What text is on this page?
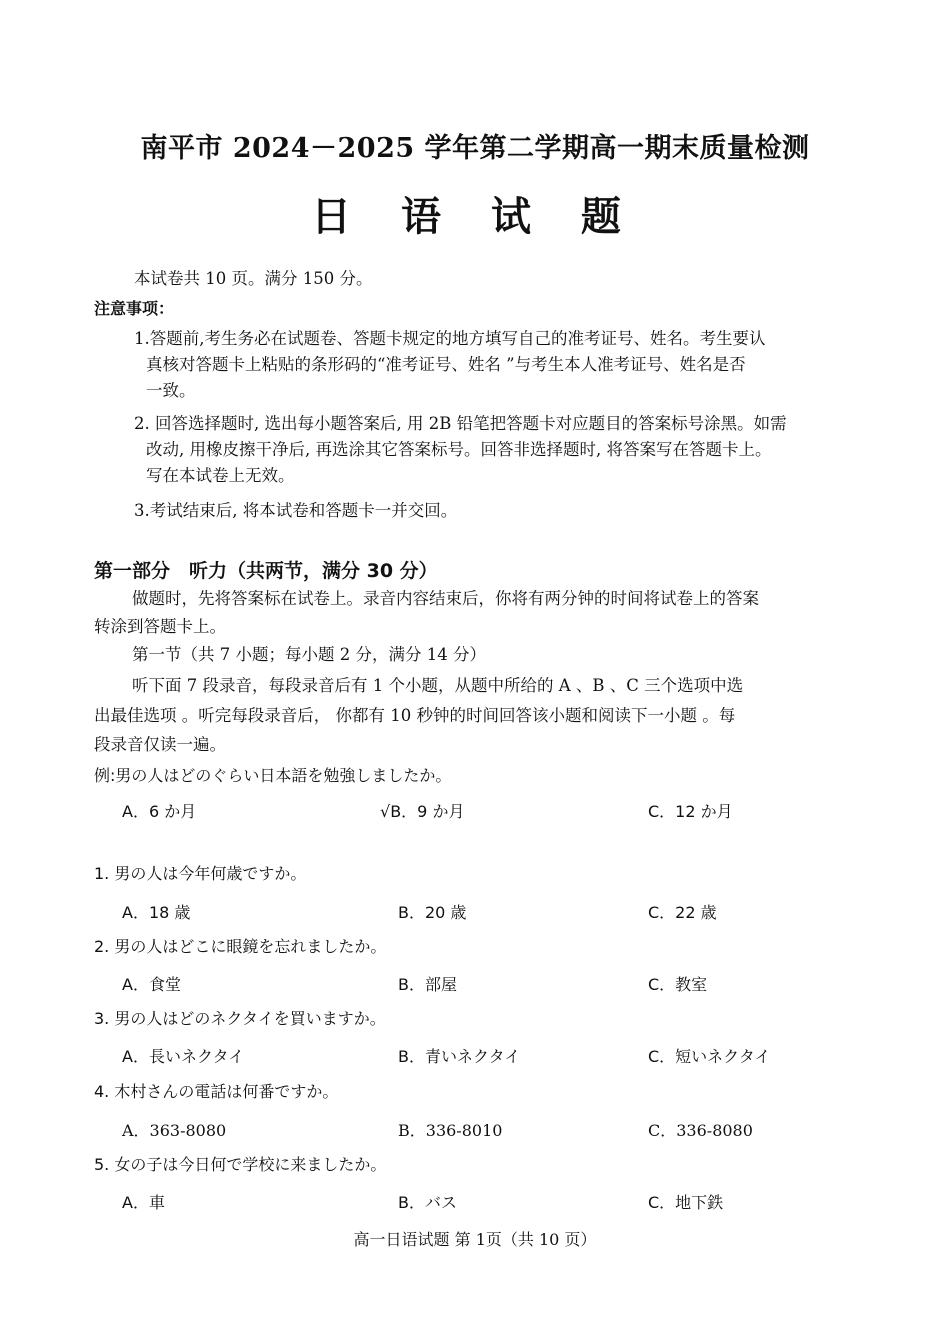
南平市 2024－2025 学年第二学期高一期末质量检测
日 语 试 题
本试卷共 10 页。满分 150 分。
注意事项：
1.答题前,考生务必在试题卷、答题卡规定的地方填写自己的准考证号、姓名。考生要认
真核对答题卡上粘贴的条形码的“准考证号、姓名 ”与考生本人准考证号、姓名是否
一致。
2. 回答选择题时, 选出每小题答案后, 用 2B 铅笔把答题卡对应题目的答案标号涂黑。如需
改动, 用橡皮擦干净后, 再选涂其它答案标号。回答非选择题时, 将答案写在答题卡上。
写在本试卷上无效。
3.考试结束后, 将本试卷和答题卡一并交回。
第一部分　听力（共两节，满分 30 分）
做题时，先将答案标在试卷上。录音内容结束后，你将有两分钟的时间将试卷上的答案
转涂到答题卡上。
第一节（共 7 小题；每小题 2 分，满分 14 分）
听下面 7 段录音，每段录音后有 1 个小题，从题中所给的 A 、B 、C 三个选项中选
出最佳选项 。听完每段录音后， 你都有 10 秒钟的时间回答该小题和阅读下一小题 。每
段录音仅读一遍。
例:男の人はどのぐらい日本語を勉強しましたか。
A．6 か月	√B．9 か月	C．12 か月
1. 男の人は今年何歳ですか。
A．18 歳	B．20 歳	C．22 歳
2. 男の人はどこに眼鏡を忘れましたか。
A．食堂	B．部屋	C．教室
3. 男の人はどのネクタイを買いますか。
A．長いネクタイ	B．青いネクタイ	C．短いネクタイ
4. 木村さんの電話は何番ですか。
A．363-8080	B．336-8010	C．336-8080
5. 女の子は今日何で学校に来ましたか。
A．車	B．バス	C．地下鉄
高一日语试题 第 1页（共 10 页）
